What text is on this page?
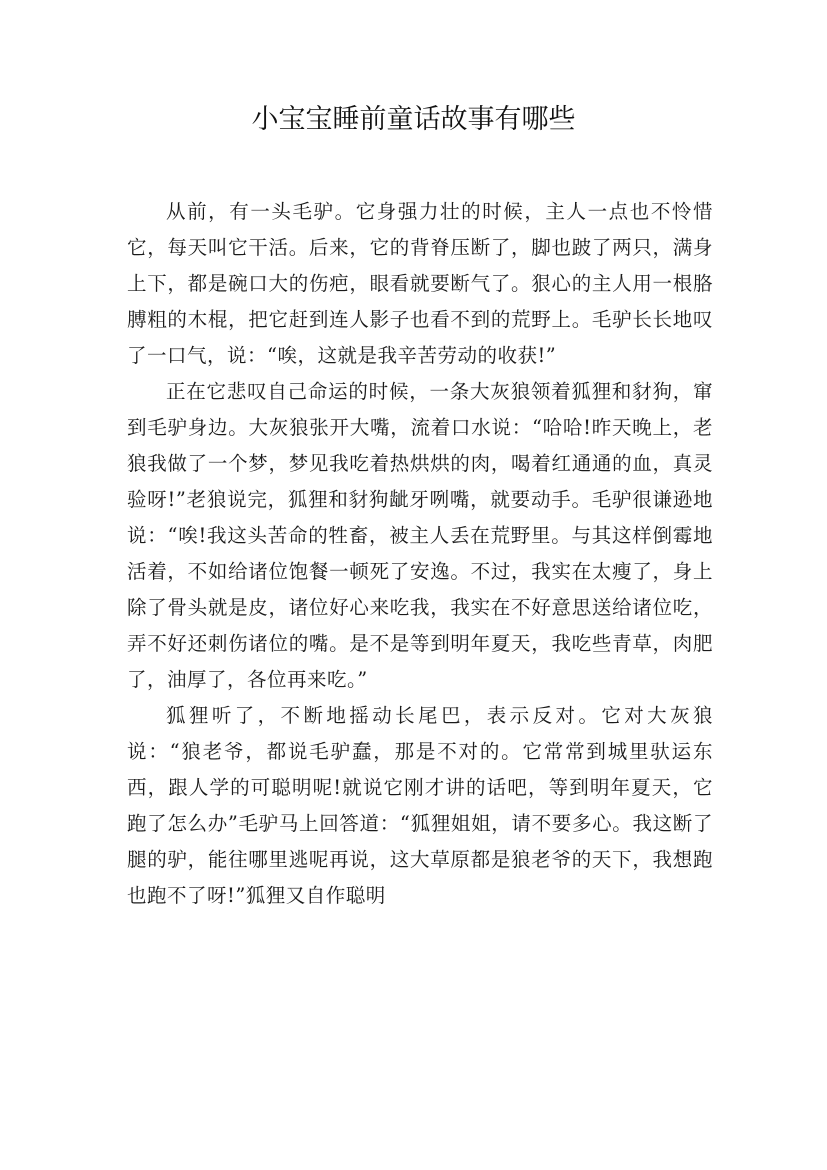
小宝宝睡前童话故事有哪些

从前，有一头毛驴。它身强力壮的时候，主人一点也不怜惜它，每天叫它干活。后来，它的背脊压断了，脚也跛了两只，满身上下，都是碗口大的伤疤，眼看就要断气了。狠心的主人用一根胳膊粗的木棍，把它赶到连人影子也看不到的荒野上。毛驴长长地叹了一口气，说：“唉，这就是我辛苦劳动的收获!”

正在它悲叹自己命运的时候，一条大灰狼领着狐狸和豺狗，窜到毛驴身边。大灰狼张开大嘴，流着口水说：“哈哈!昨天晚上，老狼我做了一个梦，梦见我吃着热烘烘的肉，喝着红通通的血，真灵验呀!”老狼说完，狐狸和豺狗龇牙咧嘴，就要动手。毛驴很谦逊地说：“唉!我这头苦命的牲畜，被主人丢在荒野里。与其这样倒霉地活着，不如给诸位饱餐一顿死了安逸。不过，我实在太瘦了，身上除了骨头就是皮，诸位好心来吃我，我实在不好意思送给诸位吃，弄不好还刺伤诸位的嘴。是不是等到明年夏天，我吃些青草，肉肥了，油厚了，各位再来吃。”

狐狸听了，不断地摇动长尾巴，表示反对。它对大灰狼说：“狼老爷，都说毛驴蠢，那是不对的。它常常到城里驮运东西，跟人学的可聪明呢!就说它刚才讲的话吧，等到明年夏天，它跑了怎么办”毛驴马上回答道：“狐狸姐姐，请不要多心。我这断了腿的驴，能往哪里逃呢再说，这大草原都是狼老爷的天下，我想跑也跑不了呀!”狐狸又自作聪明
